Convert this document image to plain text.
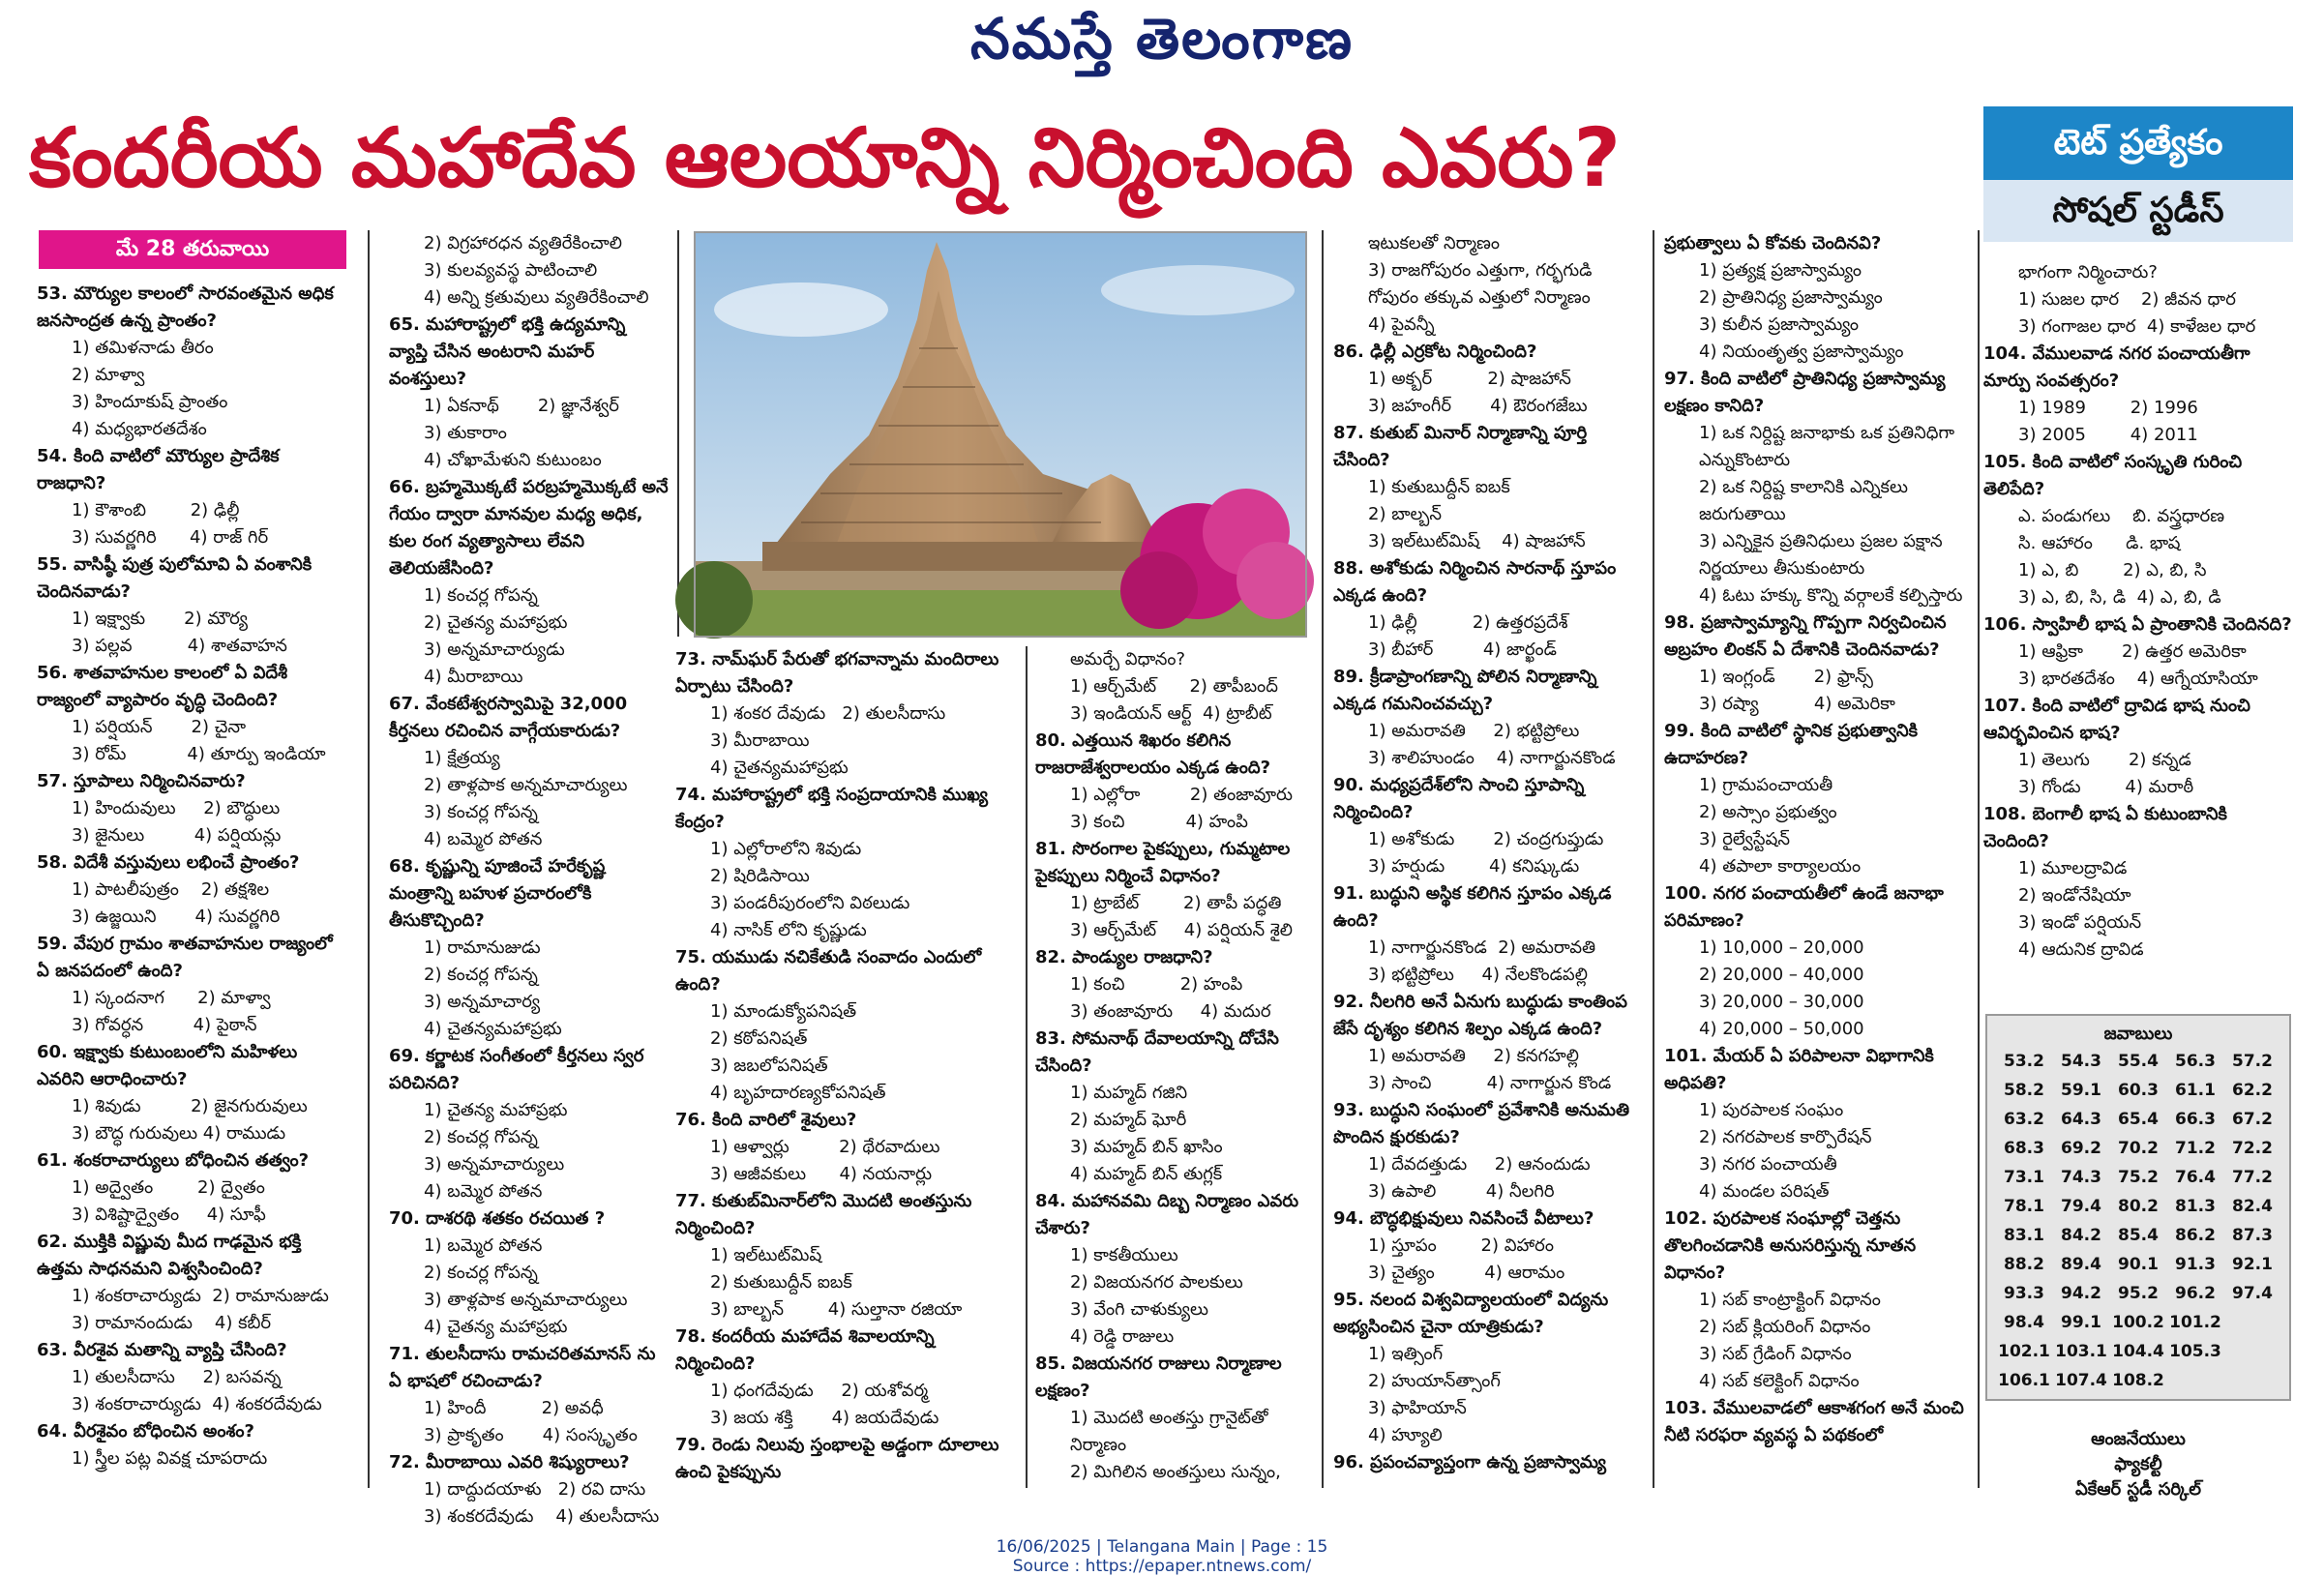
నమస్తే తెలంగాణ
కందరీయ మహాదేవ ఆలయాన్ని నిర్మించింది ఎవరు?	టెట్ ప్రత్యేకం
సోషల్ స్టడీస్
మే 28 తరువాయి
53. మౌర్యుల కాలంలో సారవంతమైన అధిక జనసాంద్రత ఉన్న ప్రాంతం?
1) తమిళనాడు తీరం
2) మాళ్వా
3) హిందూకుష్ ప్రాంతం
4) మధ్యభారతదేశం
54. కింది వాటిలో మౌర్యుల ప్రాదేశిక రాజధాని?
1) కౌశాంబి        2) ఢిల్లీ
3) సువర్ణగిరి      4) రాజ్ గిర్
55. వాసిష్ఠీ పుత్ర పులోమావి ఏ వంశానికి చెందినవాడు?
1) ఇక్ష్వాకు       2) మౌర్య
3) పల్లవ          4) శాతవాహన
56. శాతవాహనుల కాలంలో ఏ విదేశీ రాజ్యంలో వ్యాపారం వృద్ధి చెందింది?
1) పర్షియన్       2) చైనా
3) రోమ్           4) తూర్పు ఇండియా
57. స్తూపాలు నిర్మించినవారు?
1) హిందువులు     2) బౌద్ధులు
3) జైనులు         4) పర్షియన్లు
58. విదేశీ వస్తువులు లభించే ప్రాంతం?
1) పాటలీపుత్రం    2) తక్షశిల
3) ఉజ్జయిని       4) సువర్ణగిరి
59. వేపుర గ్రామం శాతవాహనుల రాజ్యంలో ఏ జనపదంలో ఉంది?
1) స్కందనాగ      2) మాళ్వా
3) గోవర్ధన         4) పైఠాన్
60. ఇక్ష్వాకు కుటుంబంలోని మహిళలు ఎవరిని ఆరాధించారు?
1) శివుడు         2) జైనగురువులు
3) బౌద్ధ గురువులు 4) రాముడు
61. శంకరాచార్యులు బోధించిన తత్వం?
1) అద్వైతం        2) ద్వైతం
3) విశిష్టాద్వైతం     4) సూఫీ
62. ముక్తికి విష్ణువు మీద గాఢమైన భక్తి ఉత్తమ సాధనమని విశ్వసించింది?
1) శంకరాచార్యుడు  2) రామానుజుడు
3) రామానందుడు    4) కబీర్
63. వీరశైవ మతాన్ని వ్యాప్తి చేసింది?
1) తులసీదాసు     2) బసవన్న
3) శంకరాచార్యుడు  4) శంకరదేవుడు
64. వీరశైవం బోధించిన అంశం?
1) స్త్రీల పట్ల వివక్ష చూపరాదు
2) విగ్రహారధన వ్యతిరేకించాలి
3) కులవ్యవస్థ పాటించాలి
4) అన్ని క్రతువులు వ్యతిరేకించాలి
65. మహారాష్ట్రలో భక్తి ఉద్యమాన్ని వ్యాప్తి చేసిన అంటరాని మహర్ వంశస్తులు?
1) ఏకనాథ్       2) జ్ఞానేశ్వర్
3) తుకారాం
4) చోఖామేళుని కుటుంబం
66. బ్రహ్మమొక్కటే పరబ్రహ్మమొక్కటే అనే గేయం ద్వారా మానవుల మధ్య అధిక, కుల రంగ వ్యత్యాసాలు లేవని తెలియజేసింది?
1) కంచర్ల గోపన్న
2) చైతన్య మహాప్రభు
3) అన్నమాచార్యుడు
4) మీరాబాయి
67. వేంకటేశ్వరస్వామిపై 32,000 కీర్తనలు రచించిన వాగ్గేయకారుడు?
1) క్షేత్రయ్య
2) తాళ్లపాక అన్నమాచార్యులు
3) కంచర్ల గోపన్న
4) బమ్మెర పోతన
68. కృష్ణున్ని పూజించే హరేకృష్ణ మంత్రాన్ని బహుళ ప్రచారంలోకి తీసుకొచ్చింది?
1) రామానుజుడు
2) కంచర్ల గోపన్న
3) అన్నమాచార్య
4) చైతన్యమహాప్రభు
69. కర్ణాటక సంగీతంలో కీర్తనలు స్వర పరిచినది?
1) చైతన్య మహాప్రభు
2) కంచర్ల గోపన్న
3) అన్నమాచార్యులు
4) బమ్మెర పోతన
70. దాశరథి శతకం రచయిత ?
1) బమ్మెర పోతన
2) కంచర్ల గోపన్న
3) తాళ్లపాక అన్నమాచార్యులు
4) చైతన్య మహాప్రభు
71. తులసీదాసు రామచరితమానస్ ను ఏ భాషలో రచించాడు?
1) హిందీ          2) అవధీ
3) ప్రాకృతం       4) సంస్కృతం
72. మీరాబాయి ఎవరి శిష్యురాలు?
1) దాద్దుదయాళు   2) రవి దాసు
3) శంకరదేవుడు    4) తులసీదాసు
73. నామ్‌ఘర్ పేరుతో భగవాన్నామ మందిరాలు ఏర్పాటు చేసింది?
1) శంకర దేవుడు   2) తులసీదాసు
3) మీరాబాయి
4) చైతన్యమహాప్రభు
74. మహారాష్ట్రలో భక్తి సంప్రదాయానికి ముఖ్య కేంద్రం?
1) ఎల్లోరాలోని శివుడు
2) షిరిడిసాయి
3) పండరీపురంలోని విఠలుడు
4) నాసిక్ లోని కృష్ణుడు
75. యముడు నచికేతుడి సంవాదం ఎందులో ఉంది?
1) మాండుక్యోపనిషత్
2) కఠోపనిషత్
3) జబలోపనిషత్
4) బృహదారణ్యకోపనిషత్
76. కింది వారిలో శైవులు?
1) ఆళ్వార్లు         2) థేరవాదులు
3) ఆజీవకులు      4) నయనార్లు
77. కుతుబ్‌మినార్‌లోని మొదటి అంతస్తును నిర్మించింది?
1) ఇల్‌టుట్‌మిష్
2) కుతుబుద్దీన్ ఐబక్
3) బాల్బన్        4) సుల్తానా రజియా
78. కందరీయ మహాదేవ శివాలయాన్ని నిర్మించింది?
1) ధంగదేవుడు     2) యశోవర్మ
3) జయ శక్తి       4) జయదేవుడు
79. రెండు నిలువు స్తంభాలపై అడ్డంగా దూలాలు ఉంచి పైకప్పును
అమర్చే విధానం?
1) ఆర్చ్‌మేట్      2) తాపీబంద్
3) ఇండియన్ ఆర్ట్  4) ట్రాబీట్
80. ఎత్తయిన శిఖరం కలిగిన రాజరాజేశ్వరాలయం ఎక్కడ ఉంది?
1) ఎల్లోరా         2) తంజావూరు
3) కంచి           4) హంపి
81. సొరంగాల పైకప్పులు, గుమ్మటాల పైకప్పులు నిర్మించే విధానం?
1) ట్రాబేట్        2) తాపీ పద్ధతి
3) ఆర్చ్‌మేట్     4) పర్షియన్ శైలి
82. పాండ్యుల రాజధాని?
1) కంచి          2) హంపి
3) తంజావూరు     4) మదుర
83. సోమనాథ్ దేవాలయాన్ని దోచేసి చేసింది?
1) మహ్మద్ గజిని
2) మహ్మద్ ఘోరీ
3) మహ్మద్ బిన్ ఖాసిం
4) మహ్మద్ బిన్ తుగ్లక్
84. మహానవమి దిబ్బ నిర్మాణం ఎవరు చేశారు?
1) కాకతీయులు
2) విజయనగర పాలకులు
3) వేంగి చాళుక్యులు
4) రెడ్డి రాజులు
85. విజయనగర రాజులు నిర్మాణాల లక్షణం?
1) మొదటి అంతస్తు గ్రానైట్‌తో నిర్మాణం
2) మిగిలిన అంతస్తులు సున్నం,
ఇటుకలతో నిర్మాణం
3) రాజగోపురం ఎత్తుగా, గర్భగుడి గోపురం తక్కువ ఎత్తులో నిర్మాణం
4) పైవన్నీ
86. ఢిల్లీ ఎర్రకోట నిర్మించింది?
1) అక్బర్          2) షాజహాన్
3) జహంగీర్       4) ఔరంగజేబు
87. కుతుబ్ మినార్ నిర్మాణాన్ని పూర్తి చేసింది?
1) కుతుబుద్దీన్ ఐబక్
2) బాల్బన్
3) ఇల్‌టుట్‌మిష్    4) షాజహాన్
88. అశోకుడు నిర్మించిన సారనాథ్ స్తూపం ఎక్కడ ఉంది?
1) ఢిల్లీ          2) ఉత్తరప్రదేశ్
3) బీహార్         4) జార్ఖండ్
89. క్రీడాప్రాంగణాన్ని పోలిన నిర్మాణాన్ని ఎక్కడ గమనించవచ్చు?
1) అమరావతి     2) భట్టిప్రోలు
3) శాలిహుండం    4) నాగార్జునకొండ
90. మధ్యప్రదేశ్‌లోని సాంచి స్తూపాన్ని నిర్మించింది?
1) అశోకుడు       2) చంద్రగుప్తుడు
3) హర్షుడు        4) కనిష్కుడు
91. బుద్ధుని అస్థిక కలిగిన స్తూపం ఎక్కడ ఉంది?
1) నాగార్జునకొండ  2) అమరావతి
3) భట్టిప్రోలు     4) నేలకొండపల్లి
92. నీలగిరి అనే ఏనుగు బుద్ధుడు కాంతింప జేసే దృశ్యం కలిగిన శిల్పం ఎక్కడ ఉంది?
1) అమరావతి     2) కనగహల్లి
3) సాంచి          4) నాగార్జున కొండ
93. బుద్ధుని సంఘంలో ప్రవేశానికి అనుమతి పొందిన క్షురకుడు?
1) దేవదత్తుడు     2) ఆనందుడు
3) ఉపాలి         4) నీలగిరి
94. బౌద్ధభిక్షువులు నివసించే వీటాలు?
1) స్తూపం        2) విహారం
3) చైత్యం         4) ఆరామం
95. నలంద విశ్వవిద్యాలయంలో విద్యను అభ్యసించిన చైనా యాత్రికుడు?
1) ఇత్సింగ్
2) హుయాన్‌త్సాంగ్
3) ఫాహియాన్
4) హ్యూలి
96. ప్రపంచవ్యాప్తంగా ఉన్న ప్రజాస్వామ్య
ప్రభుత్వాలు ఏ కోవకు చెందినవి?
1) ప్రత్యక్ష ప్రజాస్వామ్యం
2) ప్రాతినిధ్య ప్రజాస్వామ్యం
3) కులీన ప్రజాస్వామ్యం
4) నియంతృత్వ ప్రజాస్వామ్యం
97. కింది వాటిలో ప్రాతినిధ్య ప్రజాస్వామ్య లక్షణం కానిది?
1) ఒక నిర్దిష్ట జనాభాకు ఒక ప్రతినిధిగా ఎన్నుకొంటారు
2) ఒక నిర్దిష్ట కాలానికి ఎన్నికలు జరుగుతాయి
3) ఎన్నికైన ప్రతినిధులు ప్రజల పక్షాన నిర్ణయాలు తీసుకుంటారు
4) ఓటు హక్కు కొన్ని వర్గాలకే కల్పిస్తారు
98. ప్రజాస్వామ్యాన్ని గొప్పగా నిర్వచించిన అబ్రహం లింకన్ ఏ దేశానికి చెందినవాడు?
1) ఇంగ్లండ్       2) ఫ్రాన్స్
3) రష్యా          4) అమెరికా
99. కింది వాటిలో స్థానిక ప్రభుత్వానికి ఉదాహరణ?
1) గ్రామపంచాయతీ
2) అస్సాం ప్రభుత్వం
3) రైల్వేస్టేషన్
4) తపాలా కార్యాలయం
100. నగర పంచాయతీలో ఉండే జనాభా పరిమాణం?
1) 10,000 – 20,000
2) 20,000 – 40,000
3) 20,000 – 30,000
4) 20,000 – 50,000
101. మేయర్ ఏ పరిపాలనా విభాగానికి అధిపతి?
1) పురపాలక సంఘం
2) నగరపాలక కార్పొరేషన్
3) నగర పంచాయతీ
4) మండల పరిషత్
102. పురపాలక సంఘాల్లో చెత్తను తొలగించడానికి అనుసరిస్తున్న నూతన విధానం?
1) సబ్ కాంట్రాక్టింగ్ విధానం
2) సబ్ క్లియరింగ్ విధానం
3) సబ్ గ్రేడింగ్ విధానం
4) సబ్ కలెక్టింగ్ విధానం
103. వేములవాడలో ఆకాశగంగ అనే మంచి నీటి సరఫరా వ్యవస్థ ఏ పథకంలో
భాగంగా నిర్మించారు?
1) సుజల ధార    2) జీవన ధార
3) గంగాజల ధార  4) కాళేజల ధార
104. వేములవాడ నగర పంచాయతీగా మార్పు సంవత్సరం?
1) 1989        2) 1996
3) 2005        4) 2011
105. కింది వాటిలో సంస్కృతి గురించి తెలిపేది?
ఎ. పండుగలు    బి. వస్త్రధారణ
సి. ఆహారం      డి. భాష
1) ఎ, బి        2) ఎ, బి, సి
3) ఎ, బి, సి, డి  4) ఎ, బి, డి
106. స్వాహిలీ భాష ఏ ప్రాంతానికి చెందినది?
1) ఆఫ్రికా       2) ఉత్తర అమెరికా
3) భారతదేశం    4) ఆగ్నేయాసియా
107. కింది వాటిలో ద్రావిడ భాష నుంచి ఆవిర్భవించిన భాష?
1) తెలుగు       2) కన్నడ
3) గోండు        4) మరాఠీ
108. బెంగాలీ భాష ఏ కుటుంబానికి చెందింది?
1) మూలద్రావిడ
2) ఇండోనేషియా
3) ఇండో పర్షియన్
4) ఆదునిక ద్రావిడ
జవాబులు
53.2	54.3	55.4	56.3	57.2
58.2	59.1	60.3	61.1	62.2
63.2	64.3	65.4	66.3	67.2
68.3	69.2	70.2	71.2	72.2
73.1	74.3	75.2	76.4	77.2
78.1	79.4	80.2	81.3	82.4
83.1	84.2	85.4	86.2	87.3
88.2	89.4	90.1	91.3	92.1
93.3	94.2	95.2	96.2	97.4
98.4	99.1 100.2 101.2
102.1 103.1 104.4 105.3
106.1 107.4 108.2
ఆంజనేయులు
ఫ్యాకల్టీ
ఏకేఆర్ స్టడీ సర్కిల్
16/06/2025 | Telangana Main | Page : 15
Source : https://epaper.ntnews.com/
